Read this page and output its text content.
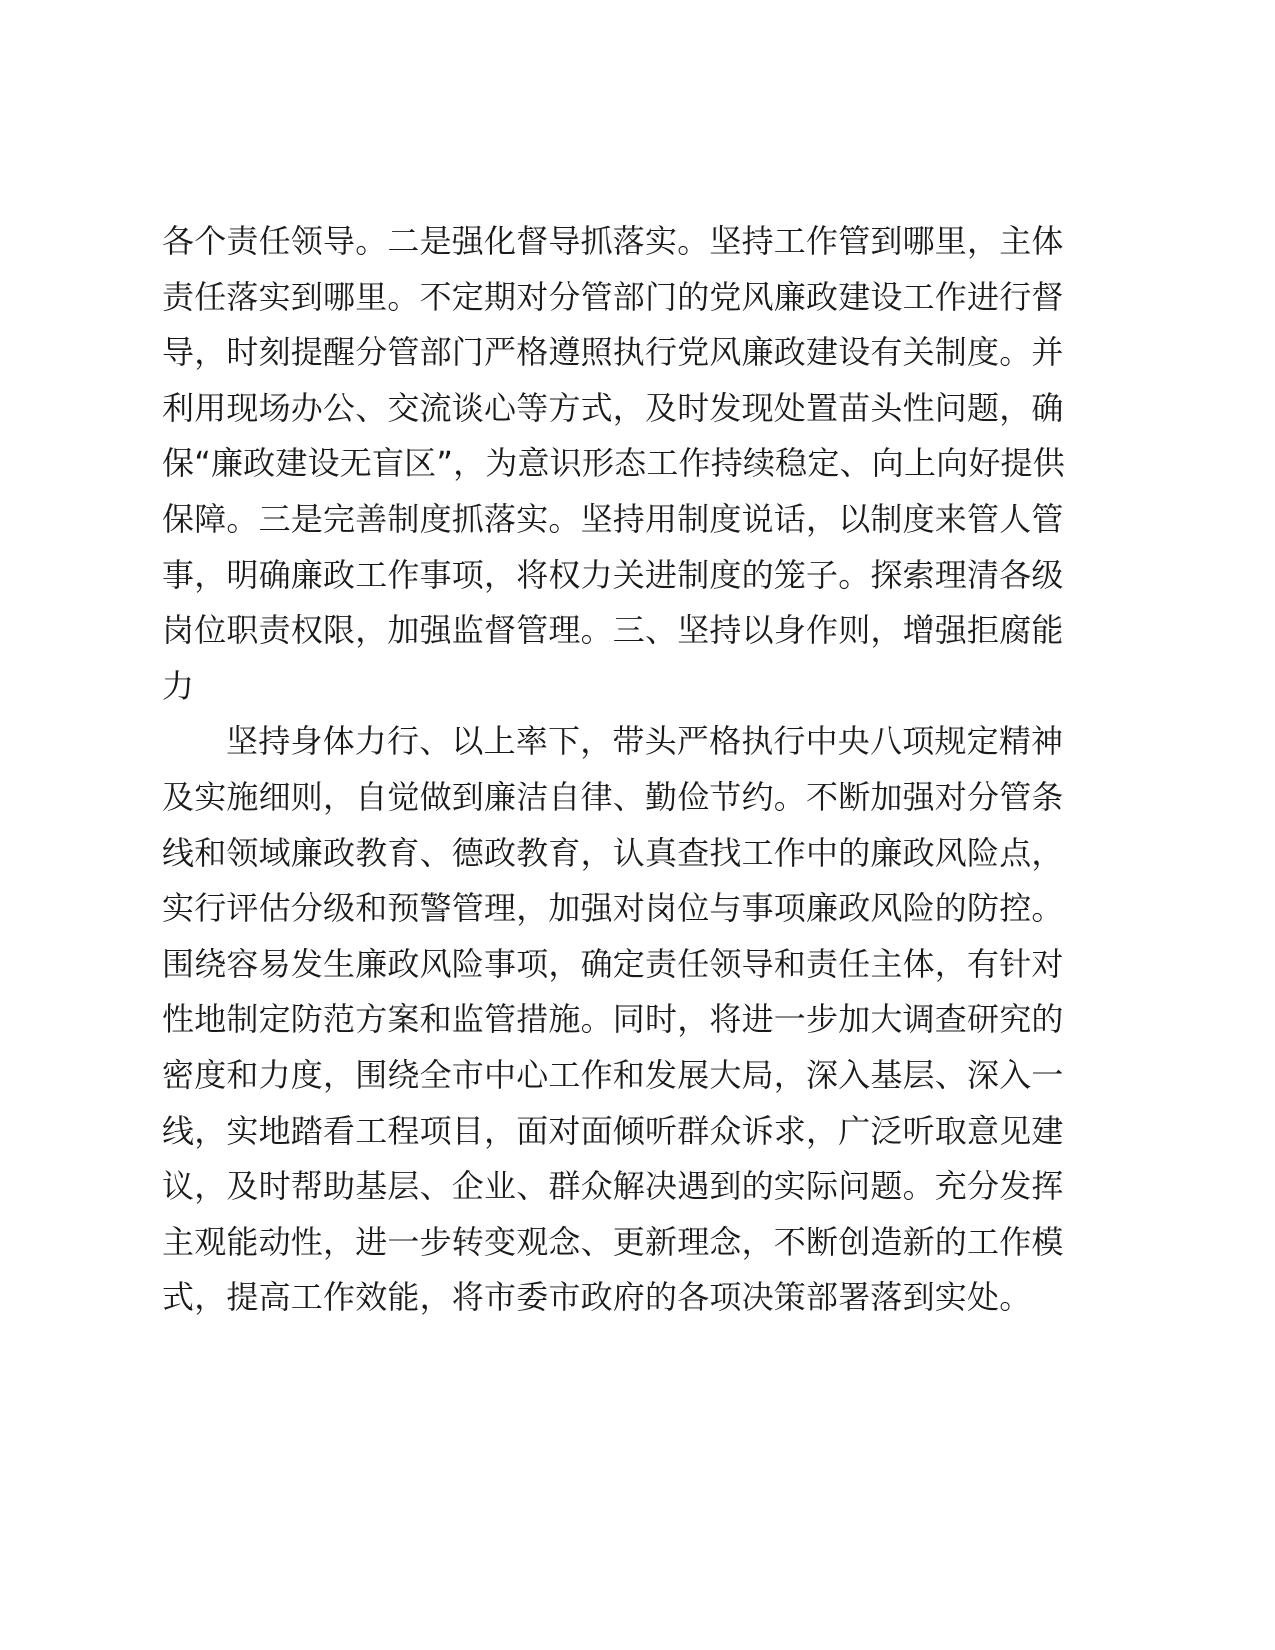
各个责任领导。二是强化督导抓落实。坚持工作管到哪里，主体
责任落实到哪里。不定期对分管部门的党风廉政建设工作进行督
导，时刻提醒分管部门严格遵照执行党风廉政建设有关制度。并
利用现场办公、交流谈心等方式，及时发现处置苗头性问题，确
保“廉政建设无盲区”，为意识形态工作持续稳定、向上向好提供
保障。三是完善制度抓落实。坚持用制度说话，以制度来管人管
事，明确廉政工作事项，将权力关进制度的笼子。探索理清各级
岗位职责权限，加强监督管理。三、坚持以身作则，增强拒腐能
力
坚持身体力行、以上率下，带头严格执行中央八项规定精神
及实施细则，自觉做到廉洁自律、勤俭节约。不断加强对分管条
线和领域廉政教育、德政教育，认真查找工作中的廉政风险点，
实行评估分级和预警管理，加强对岗位与事项廉政风险的防控。
围绕容易发生廉政风险事项，确定责任领导和责任主体，有针对
性地制定防范方案和监管措施。同时，将进一步加大调查研究的
密度和力度，围绕全市中心工作和发展大局，深入基层、深入一
线，实地踏看工程项目，面对面倾听群众诉求，广泛听取意见建
议，及时帮助基层、企业、群众解决遇到的实际问题。充分发挥
主观能动性，进一步转变观念、更新理念，不断创造新的工作模
式，提高工作效能，将市委市政府的各项决策部署落到实处。
